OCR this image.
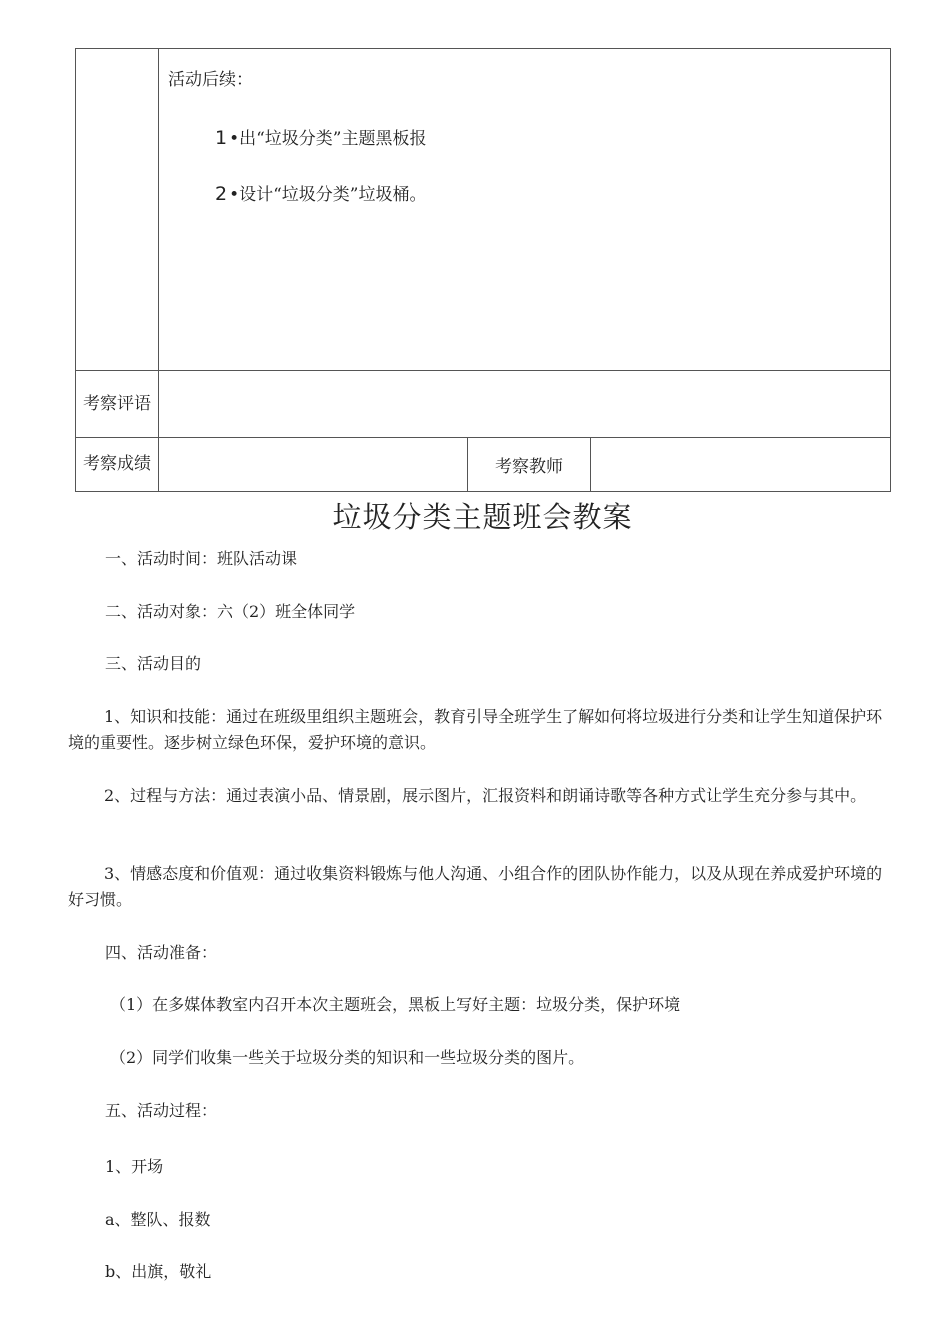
	活动后续：
1 •出“垃圾分类”主题黑板报
2 •设计“垃圾分类”垃圾桶。		

考察评语			
考察成绩		考察教师	
垃圾分类主题班会教案
一、活动时间：班队活动课
二、活动对象：六（2）班全体同学
三、活动目的
1、知识和技能：通过在班级里组织主题班会，教育引导全班学生了解如何将垃圾进行分类和让学生知道保护环境的重要性。逐步树立绿色环保，爱护环境的意识。
2、过程与方法：通过表演小品、情景剧，展示图片，汇报资料和朗诵诗歌等各种方式让学生充分参与其中。
3、情感态度和价值观：通过收集资料锻炼与他人沟通、小组合作的团队协作能力，以及从现在养成爱护环境的好习惯。
四、活动准备：
（1）在多媒体教室内召开本次主题班会，黑板上写好主题：垃圾分类，保护环境
（2）同学们收集一些关于垃圾分类的知识和一些垃圾分类的图片。
五、活动过程：
1、开场
a、整队、报数
b、出旗，敬礼
